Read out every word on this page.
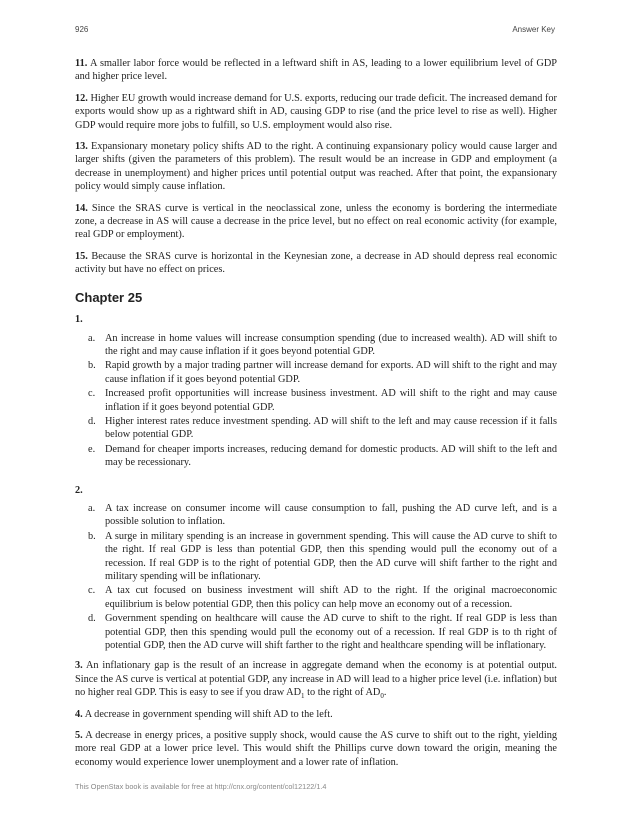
926	Answer Key

11. A smaller labor force would be reflected in a leftward shift in AS, leading to a lower equilibrium level of GDP and higher price level.

12. Higher EU growth would increase demand for U.S. exports, reducing our trade deficit. The increased demand for exports would show up as a rightward shift in AD, causing GDP to rise (and the price level to rise as well). Higher GDP would require more jobs to fulfill, so U.S. employment would also rise.

13. Expansionary monetary policy shifts AD to the right. A continuing expansionary policy would cause larger and larger shifts (given the parameters of this problem). The result would be an increase in GDP and employment (a decrease in unemployment) and higher prices until potential output was reached. After that point, the expansionary policy would simply cause inflation.

14. Since the SRAS curve is vertical in the neoclassical zone, unless the economy is bordering the intermediate zone, a decrease in AS will cause a decrease in the price level, but no effect on real economic activity (for example, real GDP or employment).

15. Because the SRAS curve is horizontal in the Keynesian zone, a decrease in AD should depress real economic activity but have no effect on prices.

Chapter 25
1.
a. An increase in home values will increase consumption spending (due to increased wealth). AD will shift to the right and may cause inflation if it goes beyond potential GDP.
b. Rapid growth by a major trading partner will increase demand for exports. AD will shift to the right and may cause inflation if it goes beyond potential GDP.
c. Increased profit opportunities will increase business investment. AD will shift to the right and may cause inflation if it goes beyond potential GDP.
d. Higher interest rates reduce investment spending. AD will shift to the left and may cause recession if it falls below potential GDP.
e. Demand for cheaper imports increases, reducing demand for domestic products. AD will shift to the left and may be recessionary.
2.
a. A tax increase on consumer income will cause consumption to fall, pushing the AD curve left, and is a possible solution to inflation.
b. A surge in military spending is an increase in government spending. This will cause the AD curve to shift to the right. If real GDP is less than potential GDP, then this spending would pull the economy out of a recession. If real GDP is to the right of potential GDP, then the AD curve will shift farther to the right and military spending will be inflationary.
c. A tax cut focused on business investment will shift AD to the right. If the original macroeconomic equilibrium is below potential GDP, then this policy can help move an economy out of a recession.
d. Government spending on healthcare will cause the AD curve to shift to the right. If real GDP is less than potential GDP, then this spending would pull the economy out of a recession. If real GDP is to th right of potential GDP, then the AD curve will shift farther to the right and healthcare spending will be inflationary.

3. An inflationary gap is the result of an increase in aggregate demand when the economy is at potential output. Since the AS curve is vertical at potential GDP, any increase in AD will lead to a higher price level (i.e. inflation) but no higher real GDP. This is easy to see if you draw $AD_1$ to the right of $AD_0$.

4. A decrease in government spending will shift AD to the left.

5. A decrease in energy prices, a positive supply shock, would cause the AS curve to shift out to the right, yielding more real GDP at a lower price level. This would shift the Phillips curve down toward the origin, meaning the economy would experience lower unemployment and a lower rate of inflation.

This OpenStax book is available for free at http://cnx.org/content/col12122/1.4
